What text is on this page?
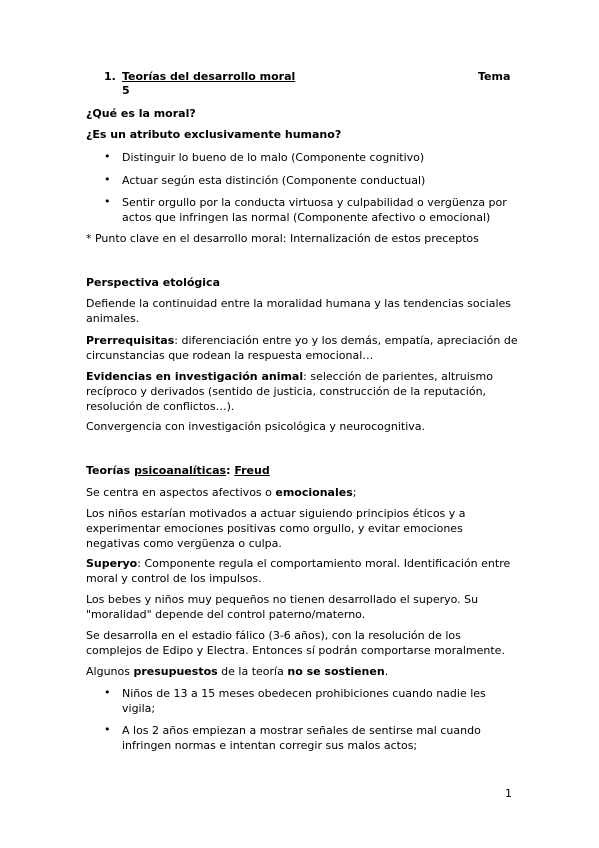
1. Teorías del desarrollo moral	Tema
5
¿Qué es la moral?
¿Es un atributo exclusivamente humano?
• Distinguir lo bueno de lo malo (Componente cognitivo)
• Actuar según esta distinción (Componente conductual)
• Sentir orgullo por la conducta virtuosa y culpabilidad o vergüenza por actos que infringen las normal (Componente afectivo o emocional)
* Punto clave en el desarrollo moral: Internalización de estos preceptos
Perspectiva etológica

Defiende la continuidad entre la moralidad humana y las tendencias sociales animales.

Prerrequisitas: diferenciación entre yo y los demás, empatía, apreciación de circunstancias que rodean la respuesta emocional…

Evidencias en investigación animal: selección de parientes, altruismo recíproco y derivados (sentido de justicia, construcción de la reputación, resolución de conflictos…).

Convergencia con investigación psicológica y neurocognitiva.

Teorías psicoanalíticas: Freud

Se centra en aspectos afectivos o emocionales;

Los niños estarían motivados a actuar siguiendo principios éticos y a experimentar emociones positivas como orgullo, y evitar emociones negativas como vergüenza o culpa.

Superyo: Componente regula el comportamiento moral. Identificación entre moral y control de los impulsos.

Los bebes y niños muy pequeños no tienen desarrollado el superyo. Su "moralidad" depende del control paterno/materno.

Se desarrolla en el estadio fálico (3-6 años), con la resolución de los complejos de Edipo y Electra. Entonces sí podrán comportarse moralmente.

Algunos presupuestos de la teoría no se sostienen.

• Niños de 13 a 15 meses obedecen prohibiciones cuando nadie les vigila;
• A los 2 años empiezan a mostrar señales de sentirse mal cuando infringen normas e intentan corregir sus malos actos;
1
